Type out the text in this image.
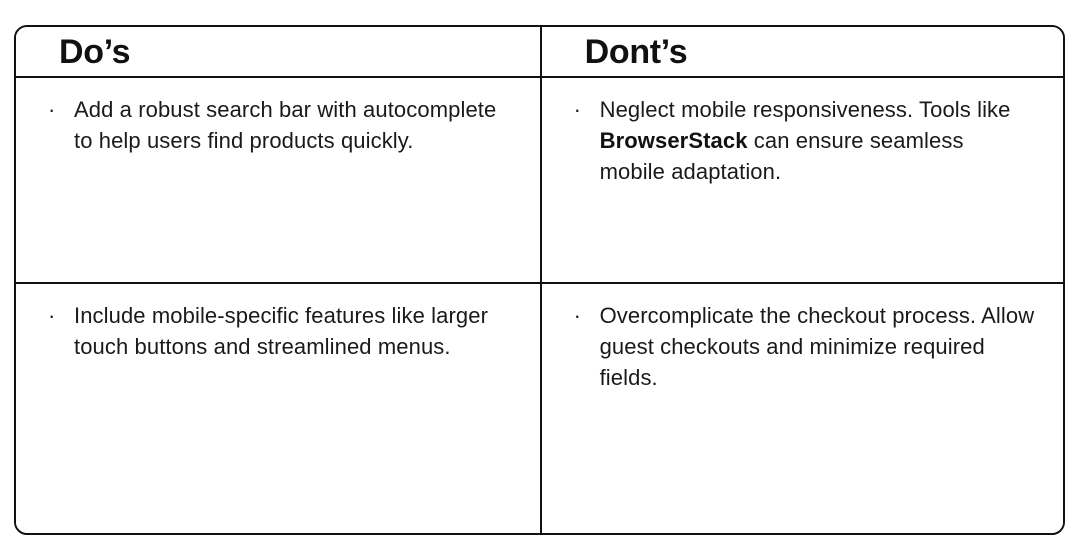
Do’s	Dont’s
· Add a robust search bar with autocomplete to help users find products quickly.
· Neglect mobile responsiveness. Tools like BrowserStack can ensure seamless mobile adaptation.
· Include mobile-specific features like larger touch buttons and streamlined menus.
· Overcomplicate the checkout process. Allow guest checkouts and minimize required fields.
